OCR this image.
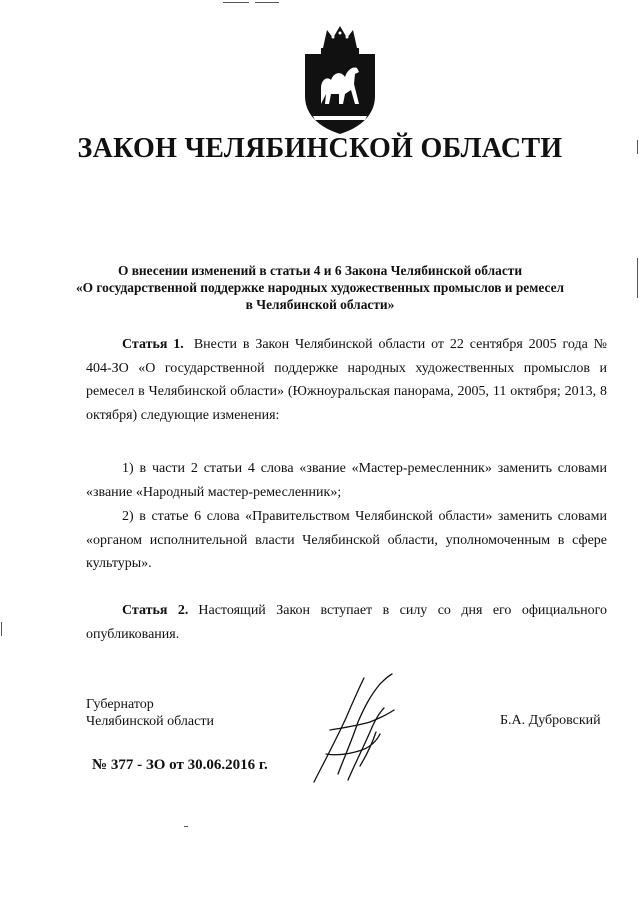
ЗАКОН ЧЕЛЯБИНСКОЙ ОБЛАСТИ
О внесении изменений в статьи 4 и 6 Закона Челябинской области
«О государственной поддержке народных художественных промыслов и ремесел
в Челябинской области»
Статья 1. Внести в Закон Челябинской области от 22 сентября 2005 года № 404-ЗО «О государственной поддержке народных художественных промыслов и ремесел в Челябинской области» (Южноуральская панорама, 2005, 11 октября; 2013, 8 октября) следующие изменения:
1) в части 2 статьи 4 слова «звание «Мастер-ремесленник» заменить словами «звание «Народный мастер-ремесленник»;
2) в статье 6 слова «Правительством Челябинской области» заменить словами «органом исполнительной власти Челябинской области, уполномоченным в сфере культуры».
Статья 2. Настоящий Закон вступает в силу со дня его официального опубликования.
Губернатор
Челябинской области	Б.А. Дубровский
№ 377 - ЗО от 30.06.2016 г.
